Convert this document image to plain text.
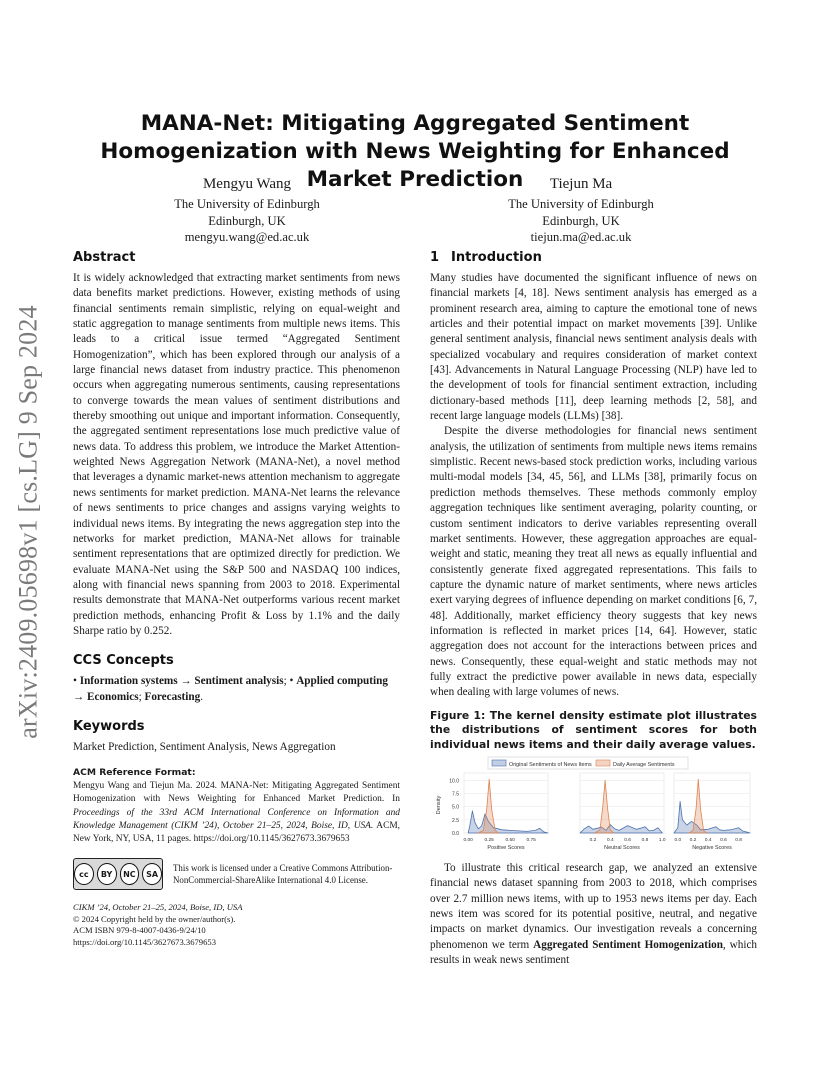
arXiv:2409.05698v1 [cs.LG] 9 Sep 2024
MANA-Net: Mitigating Aggregated Sentiment Homogenization with News Weighting for Enhanced Market Prediction
Mengyu Wang
The University of Edinburgh
Edinburgh, UK
mengyu.wang@ed.ac.uk
Tiejun Ma
The University of Edinburgh
Edinburgh, UK
tiejun.ma@ed.ac.uk
Abstract

It is widely acknowledged that extracting market sentiments from news data benefits market predictions. However, existing methods of using financial sentiments remain simplistic, relying on equal-weight and static aggregation to manage sentiments from multiple news items. This leads to a critical issue termed “Aggregated Sentiment Homogenization”, which has been explored through our analysis of a large financial news dataset from industry practice. This phenomenon occurs when aggregating numerous sentiments, causing representations to converge towards the mean values of sentiment distributions and thereby smoothing out unique and important information. Consequently, the aggregated sentiment representations lose much predictive value of news data. To address this problem, we introduce the Market Attention-weighted News Aggregation Network (MANA-Net), a novel method that leverages a dynamic market-news attention mechanism to aggregate news sentiments for market prediction. MANA-Net learns the relevance of news sentiments to price changes and assigns varying weights to individual news items. By integrating the news aggregation step into the networks for market prediction, MANA-Net allows for trainable sentiment representations that are optimized directly for prediction. We evaluate MANA-Net using the S&P 500 and NASDAQ 100 indices, along with financial news spanning from 2003 to 2018. Experimental results demonstrate that MANA-Net outperforms various recent market prediction methods, enhancing Profit & Loss by 1.1% and the daily Sharpe ratio by 0.252.

CCS Concepts

• Information systems → Sentiment analysis; • Applied computing → Economics; Forecasting.

Keywords

Market Prediction, Sentiment Analysis, News Aggregation

ACM Reference Format:

Mengyu Wang and Tiejun Ma. 2024. MANA-Net: Mitigating Aggregated Sentiment Homogenization with News Weighting for Enhanced Market Prediction. In Proceedings of the 33rd ACM International Conference on Information and Knowledge Management (CIKM ’24), October 21–25, 2024, Boise, ID, USA. ACM, New York, NY, USA, 11 pages. https://doi.org/10.1145/3627673.3679653

cc	BY	NC	SA
This work is licensed under a Creative Commons Attribution-NonCommercial-ShareAlike International 4.0 License.
CIKM ’24, October 21–25, 2024, Boise, ID, USA
© 2024 Copyright held by the owner/author(s).
ACM ISBN 979-8-4007-0436-9/24/10
https://doi.org/10.1145/3627673.3679653
1 Introduction

Many studies have documented the significant influence of news on financial markets [4, 18]. News sentiment analysis has emerged as a prominent research area, aiming to capture the emotional tone of news articles and their potential impact on market movements [39]. Unlike general sentiment analysis, financial news sentiment analysis deals with specialized vocabulary and requires consideration of market context [43]. Advancements in Natural Language Processing (NLP) have led to the development of tools for financial sentiment extraction, including dictionary-based methods [11], deep learning methods [2, 58], and recent large language models (LLMs) [38].

Despite the diverse methodologies for financial news sentiment analysis, the utilization of sentiments from multiple news items remains simplistic. Recent news-based stock prediction works, including various multi-modal models [34, 45, 56], and LLMs [38], primarily focus on prediction methods themselves. These methods commonly employ aggregation techniques like sentiment averaging, polarity counting, or custom sentiment indicators to derive variables representing overall market sentiments. However, these aggregation approaches are equal-weight and static, meaning they treat all news as equally influential and consistently generate fixed aggregated representations. This fails to capture the dynamic nature of market sentiments, where news articles exert varying degrees of influence depending on market conditions [6, 7, 48]. Additionally, market efficiency theory suggests that key news information is reflected in market prices [14, 64]. However, static aggregation does not account for the interactions between prices and news. Consequently, these equal-weight and static methods may not fully extract the predictive power available in news data, especially when dealing with large volumes of news.

Figure 1: The kernel density estimate plot illustrates the distributions of sentiment scores for both individual news items and their daily average values.
Original Sentiments of News Items	Daily Average Sentiments
Density
10.0
7.5
5.0
2.5
0.0
0.00 0.25 0.50 0.75
Positive Scores
0.2 0.4 0.6 0.8 1.0
Neutral Scores
0.0 0.2 0.4 0.6 0.8
Negative Scores

To illustrate this critical research gap, we analyzed an extensive financial news dataset spanning from 2003 to 2018, which comprises over 2.7 million news items, with up to 1953 news items per day. Each news item was scored for its potential positive, neutral, and negative impacts on market dynamics. Our investigation reveals a concerning phenomenon we term Aggregated Sentiment Homogenization, which results in weak news sentiment
